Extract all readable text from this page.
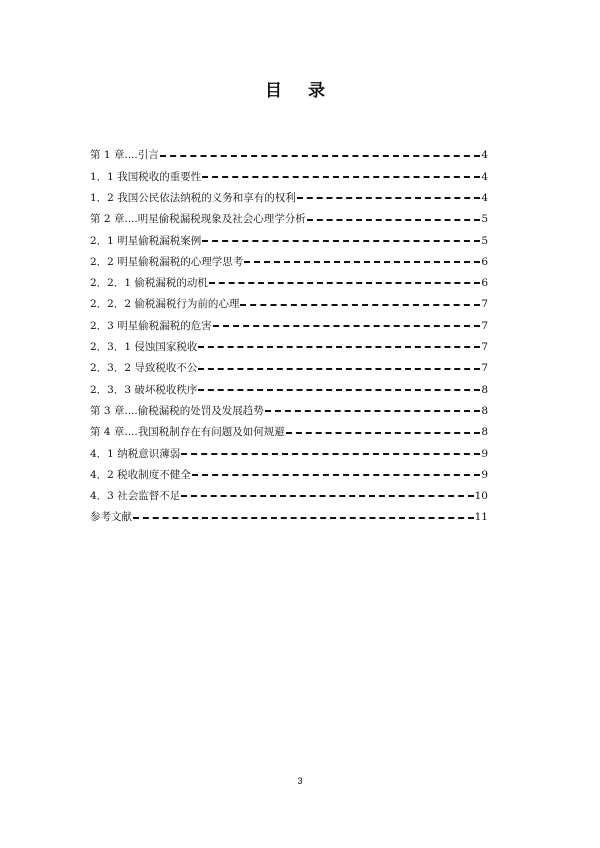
目 录
第 1 章....引言	4
1．1 我国税收的重要性	4
1．2 我国公民依法纳税的义务和享有的权利	4
第 2 章....明星偷税漏税现象及社会心理学分析	5
2．1 明星偷税漏税案例	5
2．2 明星偷税漏税的心理学思考	6
2．2．1 偷税漏税的动机	6
2．2．2 偷税漏税行为前的心理	7
2．3 明星偷税漏税的危害	7
2．3．1 侵蚀国家税收	7
2．3．2 导致税收不公	7
2．3．3 破坏税收秩序	8
第 3 章....偷税漏税的处罚及发展趋势	8
第 4 章....我国税制存在有问题及如何规避	8
4．1 纳税意识薄弱	9
4．2 税收制度不健全	9
4．3 社会监督不足	10
参考文献	11
3
